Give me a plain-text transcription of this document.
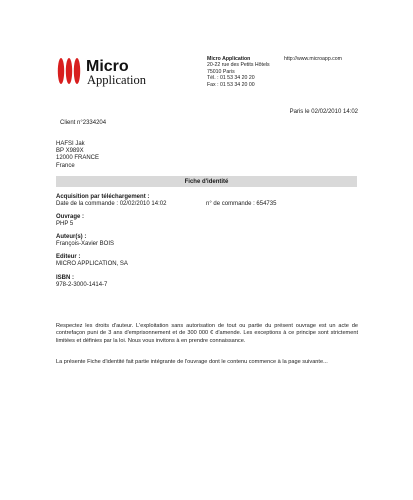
Micro
Application
Micro Application
20-22 rue des Petits Hôtels
75010 Paris
Tél. : 01 53 34 20 20
Fax : 01 53 34 20 00
http://www.microapp.com
Paris le 02/02/2010 14:02
Client n°2334204
HAFSI Jak
BP X989X
12000 FRANCE
France
Fiche d'identité
Acquisition par téléchargement :
Date de la commande : 02/02/2010 14:02	n° de commande : 654735
Ouvrage :
PHP 5
Auteur(s) :
François-Xavier BOIS
Editeur :
MICRO APPLICATION, SA
ISBN :
978-2-3000-1414-7
Respectez les droits d'auteur. L'exploitation sans autorisation de tout ou partie du présent ouvrage est un acte de contrefaçon puni de 3 ans d'emprisonnement et de 300 000 € d'amende. Les exceptions à ce principe sont strictement limitées et définies par la loi. Nous vous invitons à en prendre connaissance.
La présente Fiche d'identité fait partie intégrante de l'ouvrage dont le contenu commence à la page suivante...
